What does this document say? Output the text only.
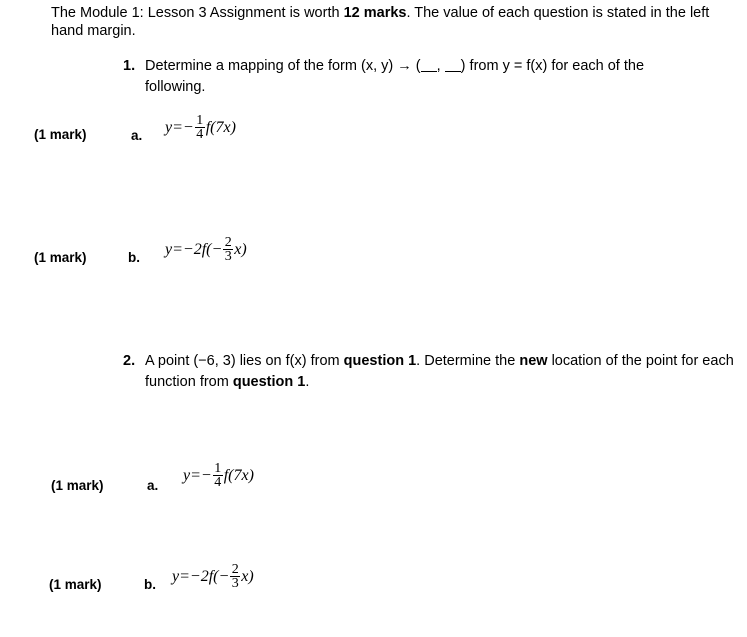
The Module 1: Lesson 3 Assignment is worth 12 marks. The value of each question is stated in the left hand margin.
1. Determine a mapping of the form (x, y) → ( , ) from y = f(x) for each of the following.
(1 mark)	a. $y=- \frac{1}{4} f(7x)$
(1 mark)	b. $y=-2f(- \frac{2}{3} x)$
2. A point (−6, 3) lies on f(x) from question 1. Determine the new location of the point for each function from question 1.
(1 mark)	a.
$y=- \frac{1}{4} f(7x)$
(1 mark)	b. $y=-2f(- \frac{2}{3} x)$
